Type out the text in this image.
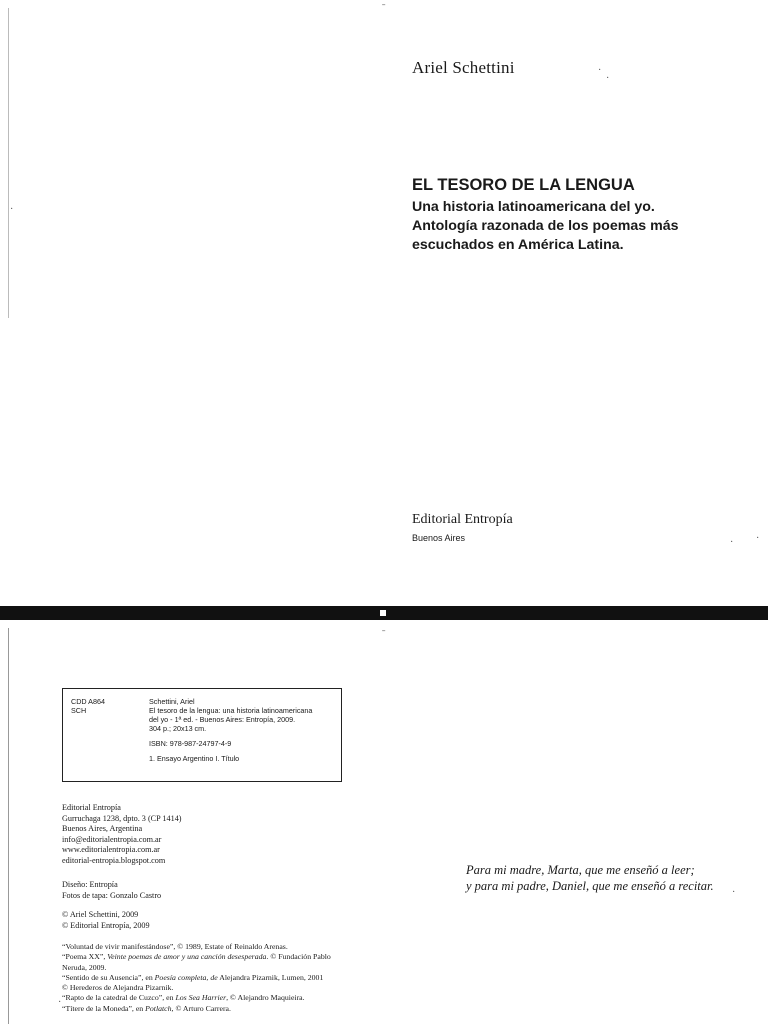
ˉ
·
·
·
· ·
ˉ
·
·
Ariel Schettini
EL TESORO DE LA LENGUA
Una historia latinoamericana del yo.
Antología razonada de los poemas más
escuchados en América Latina.
Editorial Entropía
Buenos Aires
CDD A864
SCH
Schettini, Ariel
El tesoro de la lengua: una historia latinoamericana
del yo - 1ª ed. - Buenos Aires: Entropía, 2009.
304 p.; 20x13 cm.
ISBN: 978-987-24797-4-9
1. Ensayo Argentino I. Título
Editorial Entropía
Gurruchaga 1238, dpto. 3 (CP 1414)
Buenos Aires, Argentina
info@editorialentropia.com.ar
www.editorialentropia.com.ar
editorial-entropia.blogspot.com
Diseño: Entropía
Fotos de tapa: Gonzalo Castro
© Ariel Schettini, 2009
© Editorial Entropía, 2009
“Voluntad de vivir manifestándose”, © 1989, Estate of Reinaldo Arenas.
“Poema XX”, Veinte poemas de amor y una canción desesperada. © Fundación Pablo
Neruda, 2009.
“Sentido de su Ausencia”, en Poesía completa, de Alejandra Pizarnik, Lumen, 2001
© Herederos de Alejandra Pizarnik.
“Rapto de la catedral de Cuzco”, en Los Sea Harrier, © Alejandro Maquieira.
“Títere de la Moneda”, en Potlatch, © Arturo Carrera.
Para mi madre, Marta, que me enseñó a leer;
y para mi padre, Daniel, que me enseñó a recitar.
